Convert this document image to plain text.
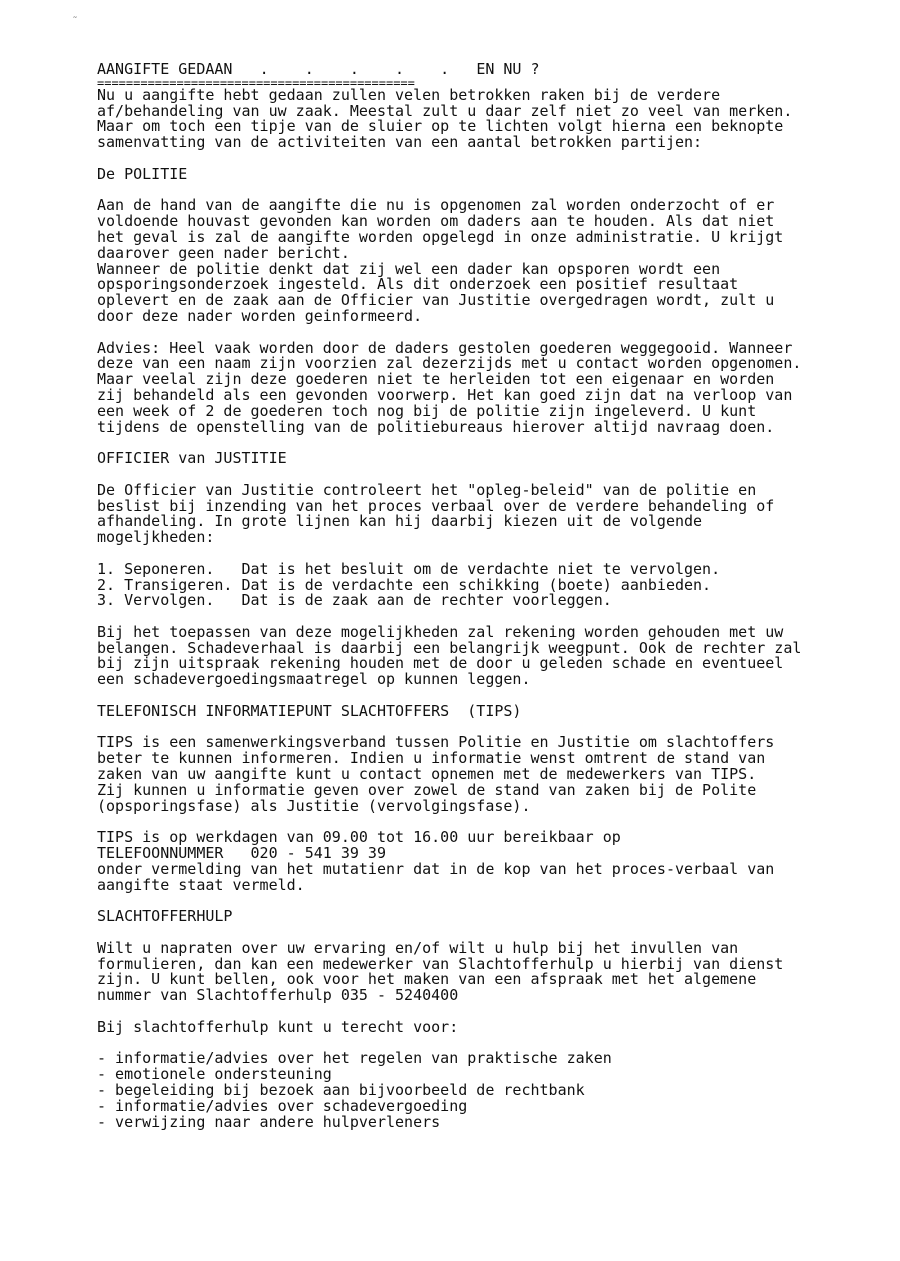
˜
AANGIFTE GEDAAN .    .    .    .    . EN NU ?
============================================
Nu u aangifte hebt gedaan zullen velen betrokken raken bij de verdere
af/behandeling van uw zaak. Meestal zult u daar zelf niet zo veel van merken.
Maar om toch een tipje van de sluier op te lichten volgt hierna een beknopte
samenvatting van de activiteiten van een aantal betrokken partijen:
De POLITIE
Aan de hand van de aangifte die nu is opgenomen zal worden onderzocht of er
voldoende houvast gevonden kan worden om daders aan te houden. Als dat niet
het geval is zal de aangifte worden opgelegd in onze administratie. U krijgt
daarover geen nader bericht.
Wanneer de politie denkt dat zij wel een dader kan opsporen wordt een
opsporingsonderzoek ingesteld. Als dit onderzoek een positief resultaat
oplevert en de zaak aan de Officier van Justitie overgedragen wordt, zult u
door deze nader worden geinformeerd.
Advies: Heel vaak worden door de daders gestolen goederen weggegooid. Wanneer
deze van een naam zijn voorzien zal dezerzijds met u contact worden opgenomen.
Maar veelal zijn deze goederen niet te herleiden tot een eigenaar en worden
zij behandeld als een gevonden voorwerp. Het kan goed zijn dat na verloop van
een week of 2 de goederen toch nog bij de politie zijn ingeleverd. U kunt
tijdens de openstelling van de politiebureaus hierover altijd navraag doen.
OFFICIER van JUSTITIE
De Officier van Justitie controleert het "opleg-beleid" van de politie en
beslist bij inzending van het proces verbaal over de verdere behandeling of
afhandeling. In grote lijnen kan hij daarbij kiezen uit de volgende
mogeljkheden:
1. Seponeren.   Dat is het besluit om de verdachte niet te vervolgen.
2. Transigeren. Dat is de verdachte een schikking (boete) aanbieden.
3. Vervolgen.   Dat is de zaak aan de rechter voorleggen.
Bij het toepassen van deze mogelijkheden zal rekening worden gehouden met uw
belangen. Schadeverhaal is daarbij een belangrijk weegpunt. Ook de rechter zal
bij zijn uitspraak rekening houden met de door u geleden schade en eventueel
een schadevergoedingsmaatregel op kunnen leggen.
TELEFONISCH INFORMATIEPUNT SLACHTOFFERS  (TIPS)
TIPS is een samenwerkingsverband tussen Politie en Justitie om slachtoffers
beter te kunnen informeren. Indien u informatie wenst omtrent de stand van
zaken van uw aangifte kunt u contact opnemen met de medewerkers van TIPS.
Zij kunnen u informatie geven over zowel de stand van zaken bij de Polite
(opsporingsfase) als Justitie (vervolgingsfase).
TIPS is op werkdagen van 09.00 tot 16.00 uur bereikbaar op
TELEFOONNUMMER   020 - 541 39 39
onder vermelding van het mutatienr dat in de kop van het proces-verbaal van
aangifte staat vermeld.
SLACHTOFFERHULP
Wilt u napraten over uw ervaring en/of wilt u hulp bij het invullen van
formulieren, dan kan een medewerker van Slachtofferhulp u hierbij van dienst
zijn. U kunt bellen, ook voor het maken van een afspraak met het algemene
nummer van Slachtofferhulp 035 - 5240400
Bij slachtofferhulp kunt u terecht voor:
- informatie/advies over het regelen van praktische zaken
- emotionele ondersteuning
- begeleiding bij bezoek aan bijvoorbeeld de rechtbank
- informatie/advies over schadevergoeding
- verwijzing naar andere hulpverleners
